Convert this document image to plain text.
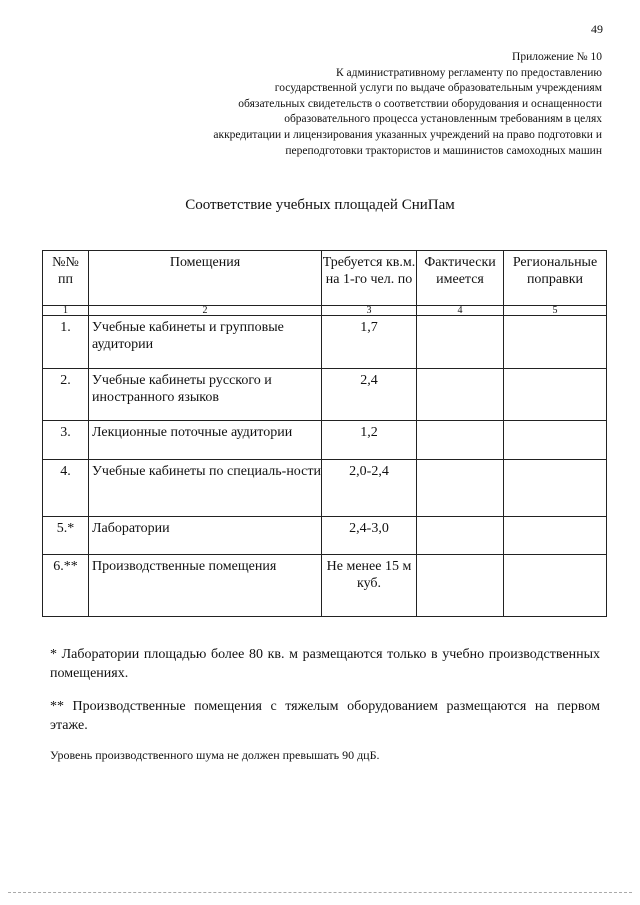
49
Приложение № 10
К административному регламенту по предоставлению
государственной услуги по выдаче образовательным учреждениям
обязательных свидетельств о соответствии оборудования и оснащенности
образовательного процесса установленным требованиям в целях
аккредитации и лицензирования указанных учреждений на право подготовки и
переподготовки трактористов и машинистов самоходных машин
Соответствие учебных площадей СниПам
№№ пп	Помещения	Требуется кв.м. на 1-го чел. по	Фактически имеется	Региональные поправки
1	2	3	4	5
1.	Учебные кабинеты и групповые аудитории	1,7		
2.	Учебные кабинеты русского и иностранного языков	2,4		
3.	Лекционные поточные аудитории	1,2		
4.	Учебные кабинеты по специаль-ности	2,0-2,4		
5.*	Лаборатории	2,4-3,0		
6.**	Производственные помещения	Не менее 15 м куб.		
* Лаборатории площадью более 80 кв. м размещаются только в учебно производственных помещениях.
** Производственные помещения с тяжелым оборудованием размещаются на первом этаже.
Уровень производственного шума не должен превышать 90 дцБ.
